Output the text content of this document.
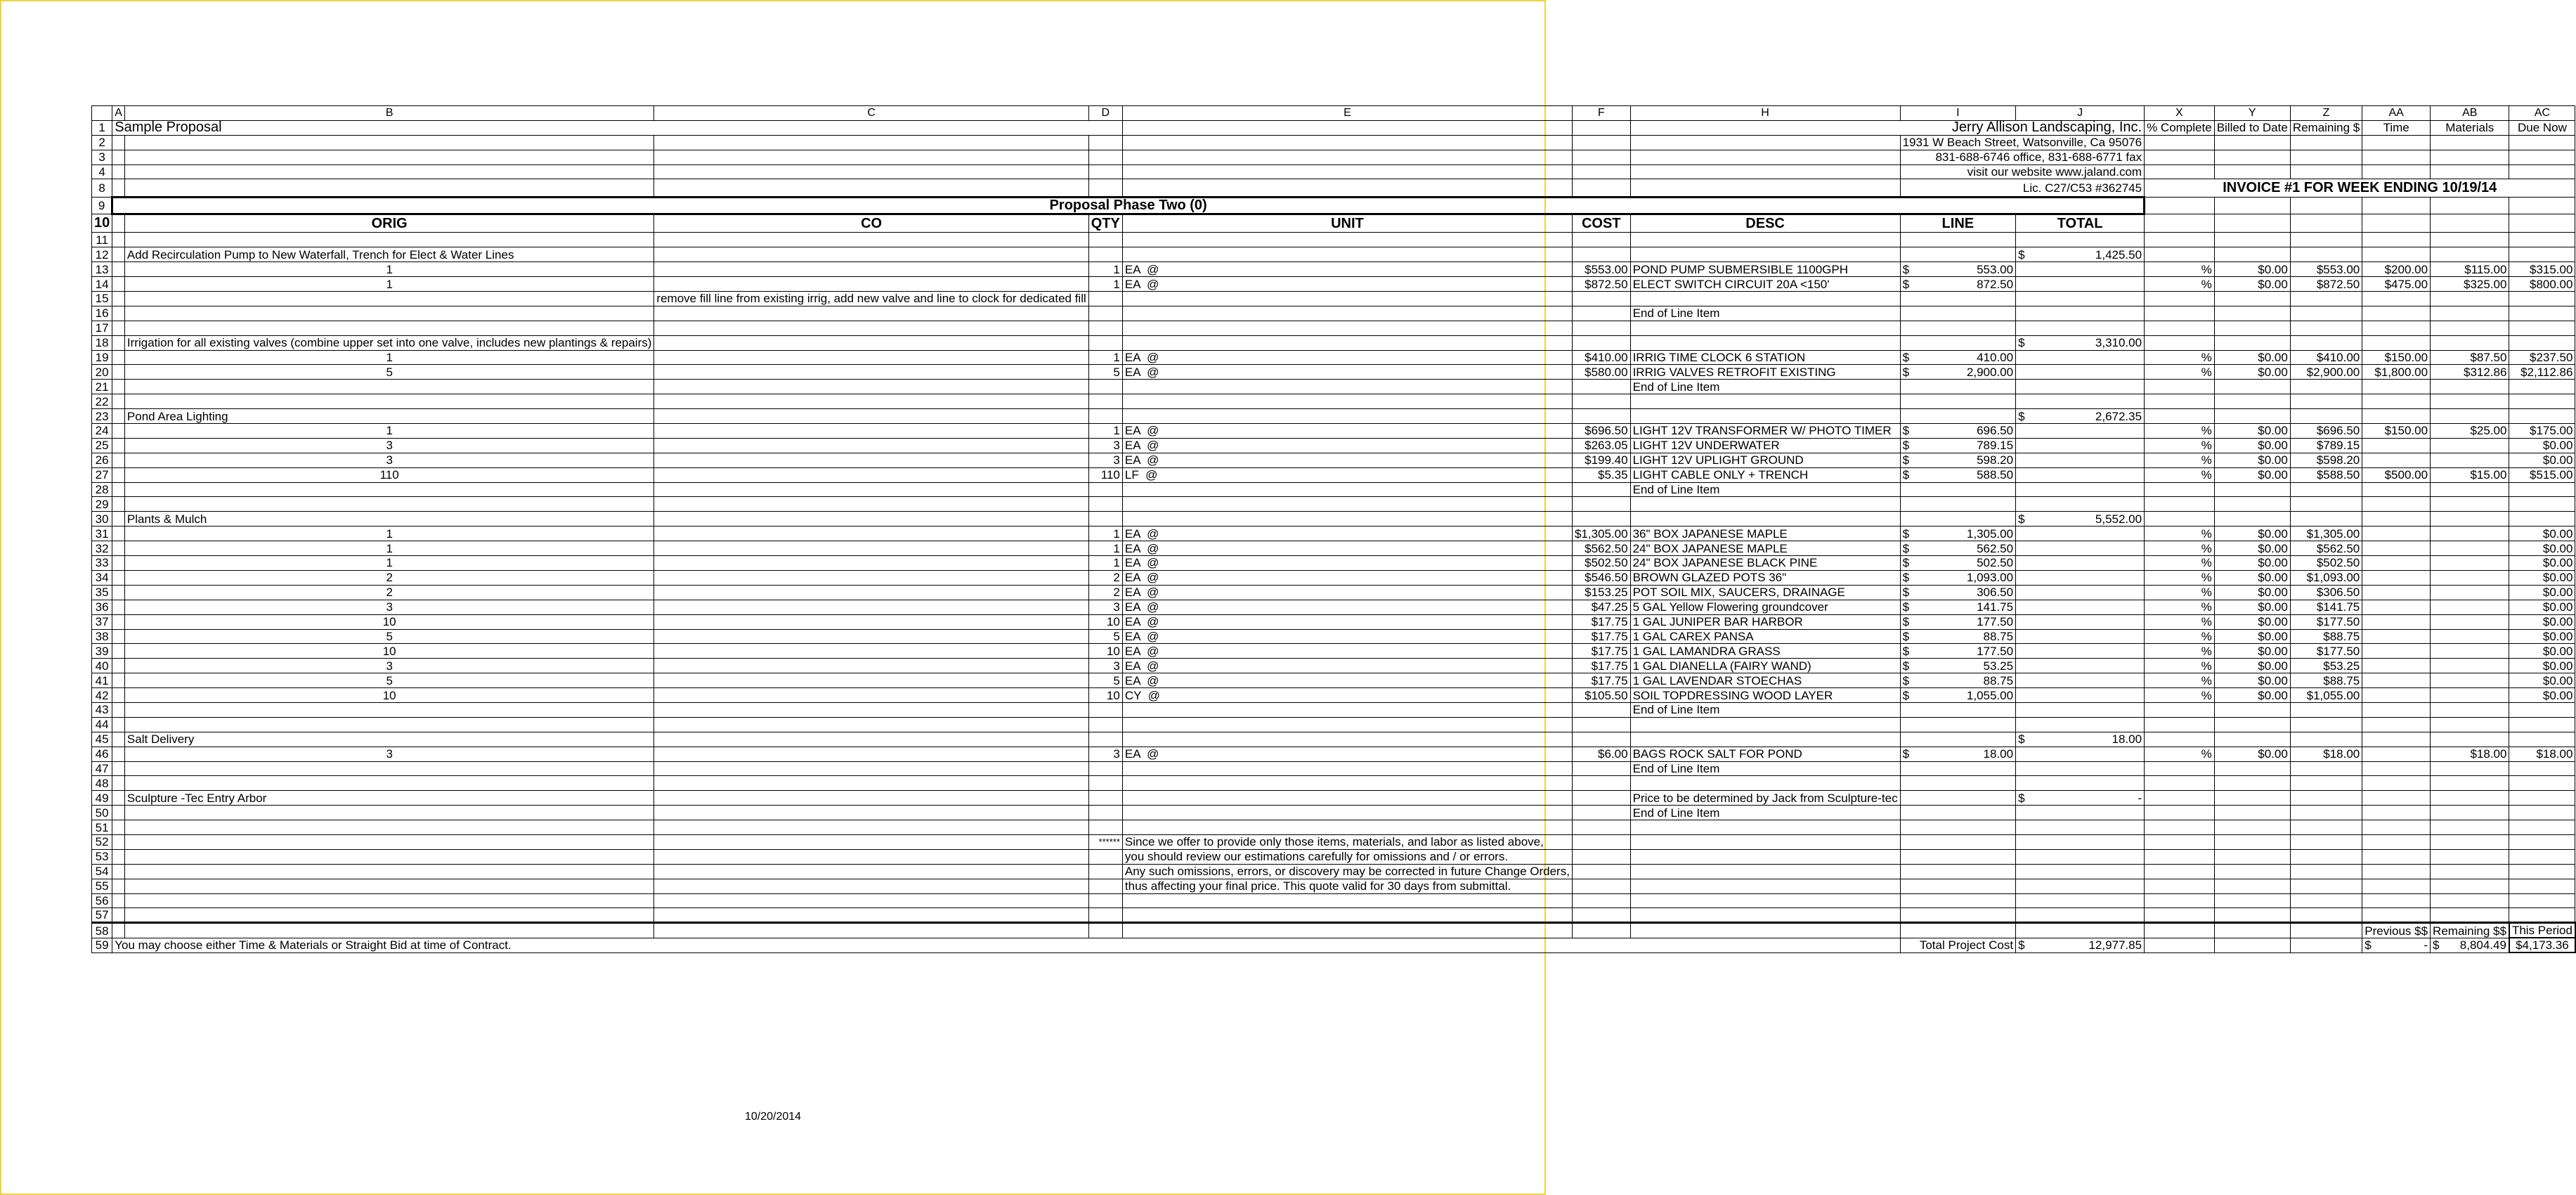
	A	B	C	D	E	F	H	I	J	X	Y	Z	AA	AB	AC
1	Sample Proposal						Jerry Allison Landscaping, Inc.			% Complete	Billed to Date	Remaining $	Time	Materials	Due Now
2								1931 W Beach Street, Watsonville, Ca 95076							
3								831-688-6746 office, 831-688-6771 fax							
4								visit our website www.jaland.com							
8								Lic. C27/C53 #362745		INVOICE #1 FOR WEEK ENDING 10/19/14					
9	Proposal Phase Two (0)														
10		ORIG	CO	QTY	UNIT	COST	DESC	LINE	TOTAL						
11															
12		Add Recirculation Pump to New Waterfall, Trench for Elect & Water Lines							$ 1,425.50						

13		1		1	EA  @	$553.00	POND PUMP SUBMERSIBLE 1100GPH	$ 553.00		%	$0.00	$553.00	$200.00	$115.00	$315.00
14		1		1	EA  @	$872.50	ELECT SWITCH CIRCUIT 20A <150'	$ 872.50		%	$0.00	$872.50	$475.00	$325.00	$800.00
15			remove fill line from existing irrig, add new valve and line to clock for dedicated fill												
16							End of Line Item								
17															
18		Irrigation for all existing valves (combine upper set into one valve, includes new plantings & repairs)							$ 3,310.00						

19		1		1	EA  @	$410.00	IRRIG TIME CLOCK 6 STATION	$ 410.00		%	$0.00	$410.00	$150.00	$87.50	$237.50
20		5		5	EA  @	$580.00	IRRIG VALVES RETROFIT EXISTING	$ 2,900.00		%	$0.00	$2,900.00	$1,800.00	$312.86	$2,112.86
21							End of Line Item								
22															
23		Pond Area Lighting							$ 2,672.35						

24		1		1	EA  @	$696.50	LIGHT 12V TRANSFORMER W/ PHOTO TIMER	$ 696.50		%	$0.00	$696.50	$150.00	$25.00	$175.00
25		3		3	EA  @	$263.05	LIGHT 12V UNDERWATER	$ 789.15		%	$0.00	$789.15			$0.00
26		3		3	EA  @	$199.40	LIGHT 12V UPLIGHT GROUND	$ 598.20		%	$0.00	$598.20			$0.00
27		110		110	LF  @	$5.35	LIGHT CABLE ONLY + TRENCH	$ 588.50		%	$0.00	$588.50	$500.00	$15.00	$515.00
28							End of Line Item								
29															
30		Plants & Mulch							$ 5,552.00						

31		1		1	EA  @	$1,305.00	36" BOX JAPANESE MAPLE	$ 1,305.00		%	$0.00	$1,305.00			$0.00
32		1		1	EA  @	$562.50	24" BOX JAPANESE MAPLE	$ 562.50		%	$0.00	$562.50			$0.00
33		1		1	EA  @	$502.50	24" BOX JAPANESE BLACK PINE	$ 502.50		%	$0.00	$502.50			$0.00
34		2		2	EA  @	$546.50	BROWN GLAZED POTS 36"	$ 1,093.00		%	$0.00	$1,093.00			$0.00
35		2		2	EA  @	$153.25	POT SOIL MIX, SAUCERS, DRAINAGE	$ 306.50		%	$0.00	$306.50			$0.00
36		3		3	EA  @	$47.25	5 GAL Yellow Flowering groundcover	$ 141.75		%	$0.00	$141.75			$0.00
37		10		10	EA  @	$17.75	1 GAL JUNIPER BAR HARBOR	$ 177.50		%	$0.00	$177.50			$0.00
38		5		5	EA  @	$17.75	1 GAL CAREX PANSA	$ 88.75		%	$0.00	$88.75			$0.00
39		10		10	EA  @	$17.75	1 GAL LAMANDRA GRASS	$ 177.50		%	$0.00	$177.50			$0.00
40		3		3	EA  @	$17.75	1 GAL DIANELLA (FAIRY WAND)	$ 53.25		%	$0.00	$53.25			$0.00
41		5		5	EA  @	$17.75	1 GAL LAVENDAR STOECHAS	$ 88.75		%	$0.00	$88.75			$0.00
42		10		10	CY  @	$105.50	SOIL TOPDRESSING WOOD LAYER	$ 1,055.00		%	$0.00	$1,055.00			$0.00
43							End of Line Item								
44															
45		Salt Delivery							$ 18.00						

46		3		3	EA  @	$6.00	BAGS ROCK SALT FOR POND	$ 18.00		%	$0.00	$18.00		$18.00	$18.00
47							End of Line Item								
48															
49		Sculpture -Tec Entry Arbor					Price to be determined by Jack from Sculpture-tec		$ -						

50							End of Line Item								
51															
52				******	Since we offer to provide only those items, materials, and labor as listed above,										
53					you should review our estimations carefully for omissions and / or errors.										
54					Any such omissions, errors, or discovery may be corrected in future Change Orders,										
55					thus affecting your final price. This quote valid for 30 days from submittal.										
56															
57															
58													Previous $$	Remaining $$	This Period
59	You may choose either Time & Materials or Straight Bid at time of Contract.							Total Project Cost	$ 12,977.85				$ -	$ 8,804.49	$4,173.36
10/20/2014
